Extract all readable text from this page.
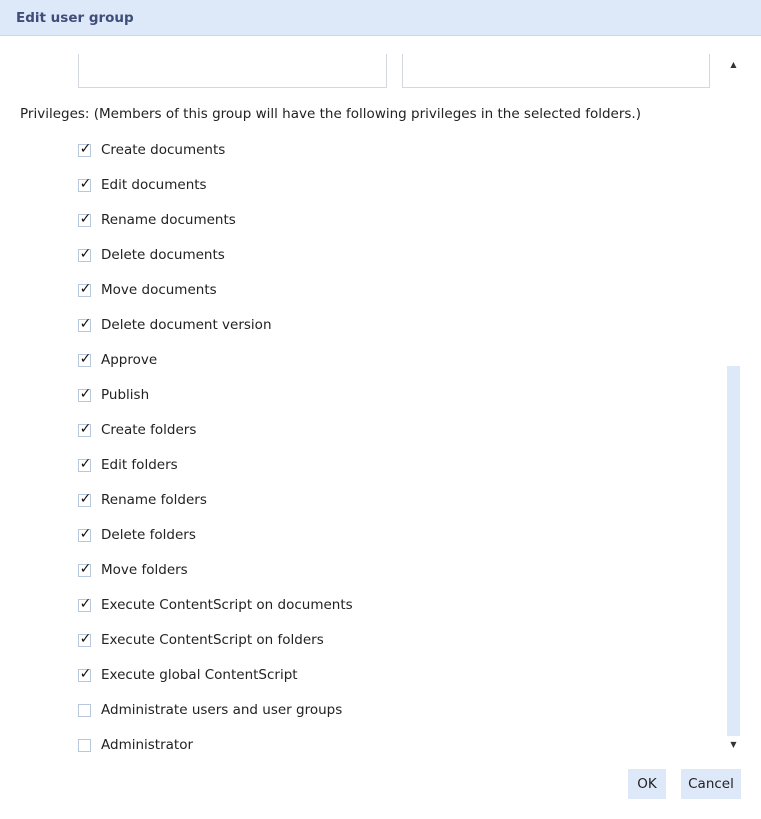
Edit user group
Privileges: (Members of this group will have the following privileges in the selected folders.)
✓ Create documents
✓ Edit documents
✓ Rename documents
✓ Delete documents
✓ Move documents
✓ Delete document version
✓ Approve
✓ Publish
✓ Create folders
✓ Edit folders
✓ Rename folders
✓ Delete folders
✓ Move folders
✓ Execute ContentScript on documents
✓ Execute ContentScript on folders
✓ Execute global ContentScript
Administrate users and user groups
Administrator
▲
▼
OK	Cancel
